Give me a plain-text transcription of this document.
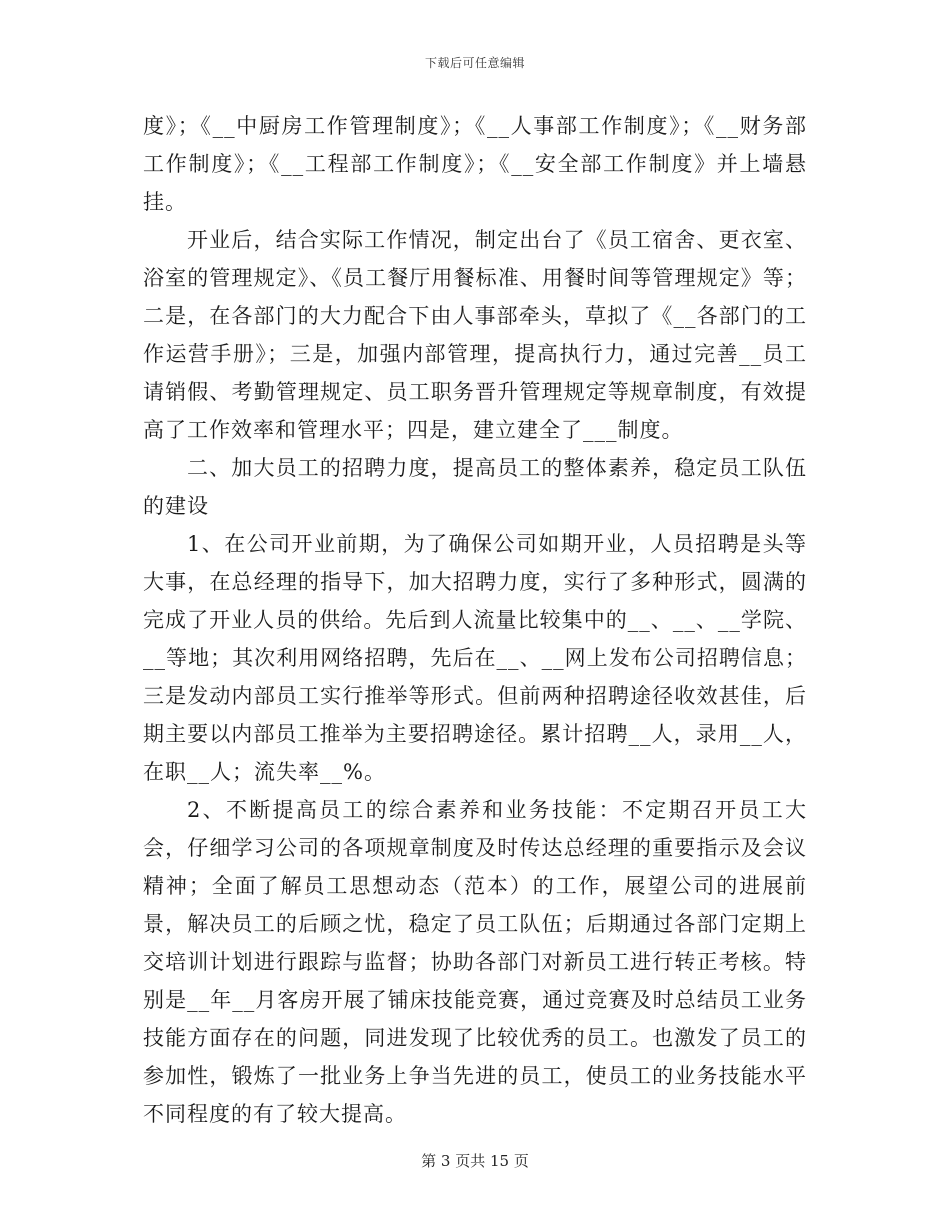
下载后可任意编辑

度》；《__中厨房工作管理制度》；《__人事部工作制度》；《__财务部工作制度》；《__工程部工作制度》；《__安全部工作制度》并上墙悬挂。

开业后，结合实际工作情况，制定出台了《员工宿舍、更衣室、浴室的管理规定》、《员工餐厅用餐标准、用餐时间等管理规定》等；二是，在各部门的大力配合下由人事部牵头，草拟了《__各部门的工作运营手册》；三是，加强内部管理，提高执行力，通过完善__员工请销假、考勤管理规定、员工职务晋升管理规定等规章制度，有效提高了工作效率和管理水平；四是，建立建全了___制度。

二、加大员工的招聘力度，提高员工的整体素养，稳定员工队伍的建设

1、在公司开业前期，为了确保公司如期开业，人员招聘是头等大事，在总经理的指导下，加大招聘力度，实行了多种形式，圆满的完成了开业人员的供给。先后到人流量比较集中的__、__、__学院、__等地；其次利用网络招聘，先后在__、__网上发布公司招聘信息；三是发动内部员工实行推举等形式。但前两种招聘途径收效甚佳，后期主要以内部员工推举为主要招聘途径。累计招聘__人，录用__人，在职__人；流失率__%。

2、不断提高员工的综合素养和业务技能：不定期召开员工大会，仔细学习公司的各项规章制度及时传达总经理的重要指示及会议精神；全面了解员工思想动态（范本）的工作，展望公司的进展前景，解决员工的后顾之忧，稳定了员工队伍；后期通过各部门定期上交培训计划进行跟踪与监督；协助各部门对新员工进行转正考核。特别是__年__月客房开展了铺床技能竞赛，通过竞赛及时总结员工业务技能方面存在的问题，同进发现了比较优秀的员工。也激发了员工的参加性，锻炼了一批业务上争当先进的员工，使员工的业务技能水平不同程度的有了较大提高。

第 3 页共 15 页
